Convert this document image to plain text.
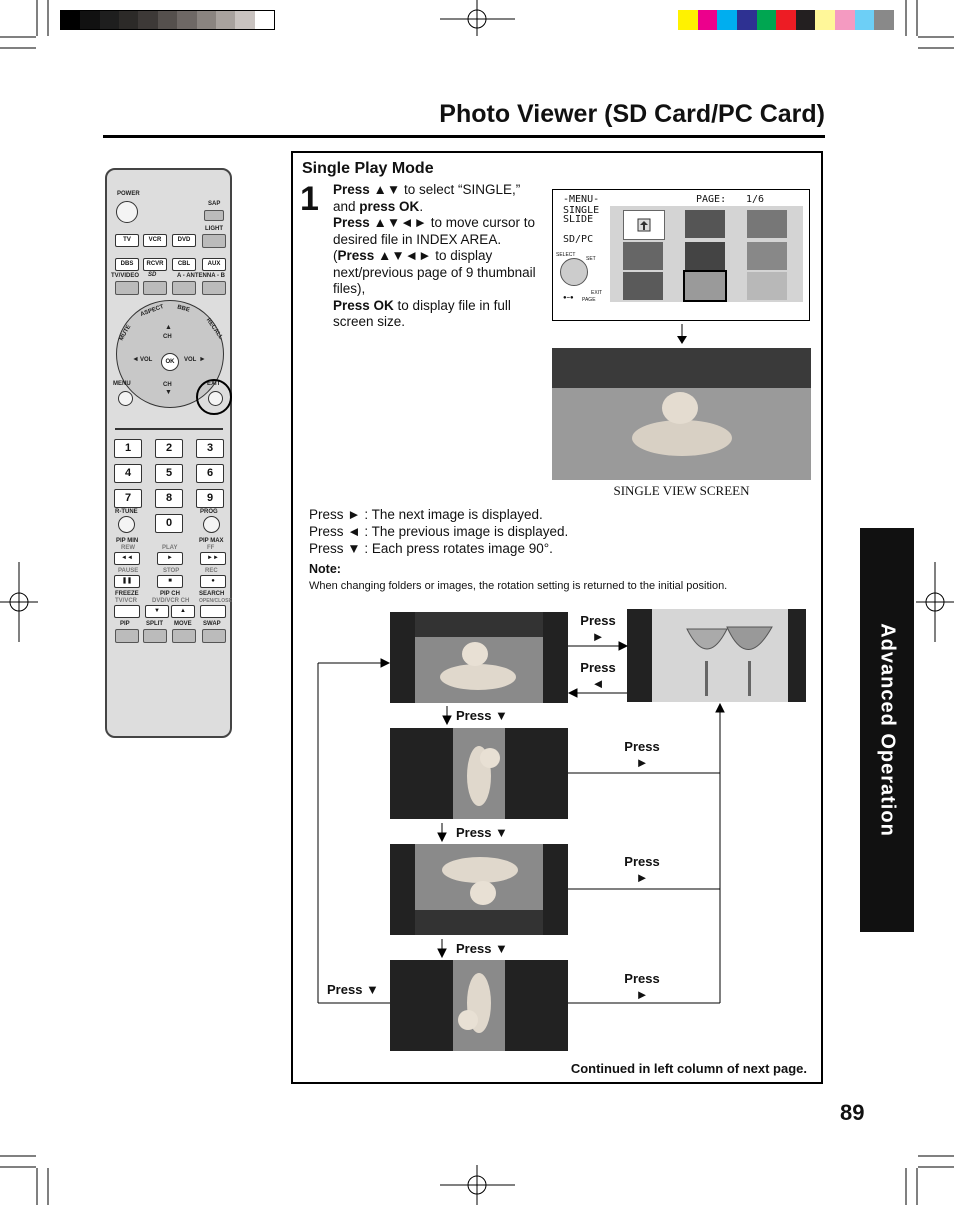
Photo Viewer (SD Card/PC Card)
Advanced Operation
89
POWER
SAP
LIGHT
TV	VCR	DVD
DBS	RCVR	CBL	AUX
TV/VIDEO SD	A - ANTENNA - B
MUTE
ASPECT BBE
RECALL
CH
▲
◄ VOL	OK	VOL ►
CH
▼
MENU	EXIT
1	2	3
4	5	6
7	8	9
R-TUNE
0
PROG
PIP MIN
REW	PLAY
PIP MAX
FF
◄◄	►	►►
PAUSE	STOP	REC
❚❚	■	●
FREEZE
TV/VCR
PIP CH
DVD/VCR CH
SEARCH
OPEN/CLOSE
▼	▲
PIP	SPLIT MOVE SWAP
Single Play Mode
1 Press ▲▼ to select “SINGLE,” and press OK.
Press ▲▼◄► to move cursor to desired file in INDEX AREA.
(Press ▲▼◄► to display next/previous page of 9 thumbnail files),
Press OK to display file in full screen size.
-MENU-	PAGE: 1/6
SINGLE
SLIDE
SD/PC
SELECT
SET
EXIT
●–● PAGE
SINGLE VIEW SCREEN
Press ► : The next image is displayed.
Press ◄ : The previous image is displayed.
Press ▼ : Each press rotates image 90°.
Note:
When changing folders or images, the rotation setting is returned to the initial position.
Press
►
Press
◄
Press ▼
Press ▼
Press ▼
Press ▼
Press
►
Press
►
Press
►
Continued in left column of next page.
